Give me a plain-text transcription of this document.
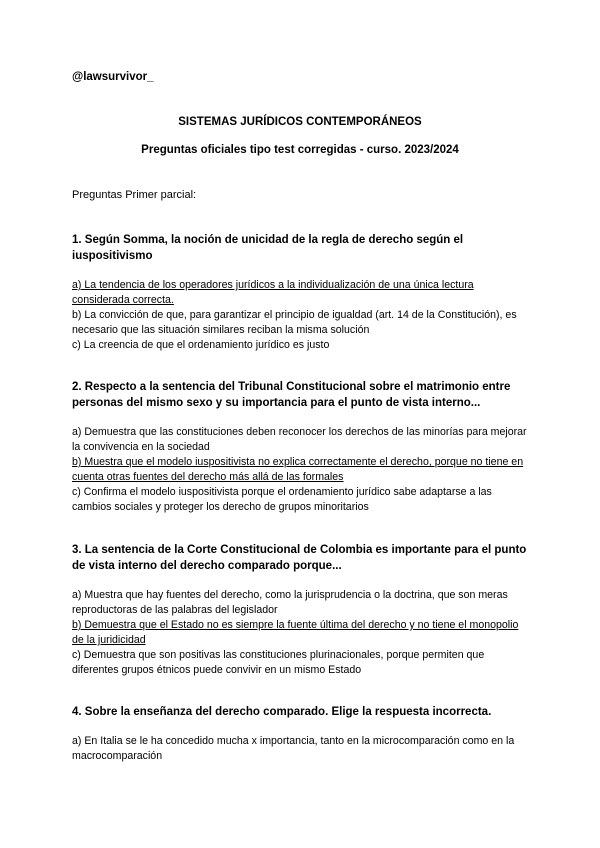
@lawsurvivor_
SISTEMAS JURÍDICOS CONTEMPORÁNEOS
Preguntas oficiales tipo test corregidas - curso. 2023/2024
Preguntas Primer parcial:

1. Según Somma, la noción de unicidad de la regla de derecho según el iuspositivismo

a) La tendencia de los operadores jurídicos a la individualización de una única lectura considerada correcta.

b) La convicción de que, para garantizar el principio de igualdad (art. 14 de la Constitución), es necesario que las situación similares reciban la misma solución

c) La creencia de que el ordenamiento jurídico es justo

2. Respecto a la sentencia del Tribunal Constitucional sobre el matrimonio entre personas del mismo sexo y su importancia para el punto de vista interno...

a) Demuestra que las constituciones deben reconocer los derechos de las minorías para mejorar la convivencia en la sociedad

b) Muestra que el modelo iuspositivista no explica correctamente el derecho, porque no tiene en cuenta otras fuentes del derecho más allá de las formales

c) Confirma el modelo iuspositivista porque el ordenamiento jurídico sabe adaptarse a las cambios sociales y proteger los derecho de grupos minoritarios

3. La sentencia de la Corte Constitucional de Colombia es importante para el punto de vista interno del derecho comparado porque...

a) Muestra que hay fuentes del derecho, como la jurisprudencia o la doctrina, que son meras reproductoras de las palabras del legislador

b) Demuestra que el Estado no es siempre la fuente última del derecho y no tiene el monopolio de la juridicidad

c) Demuestra que son positivas las constituciones plurinacionales, porque permiten que diferentes grupos étnicos puede convivir en un mismo Estado

4. Sobre la enseñanza del derecho comparado. Elige la respuesta incorrecta.

a) En Italia se le ha concedido mucha x importancia, tanto en la microcomparación como en la macrocomparación
